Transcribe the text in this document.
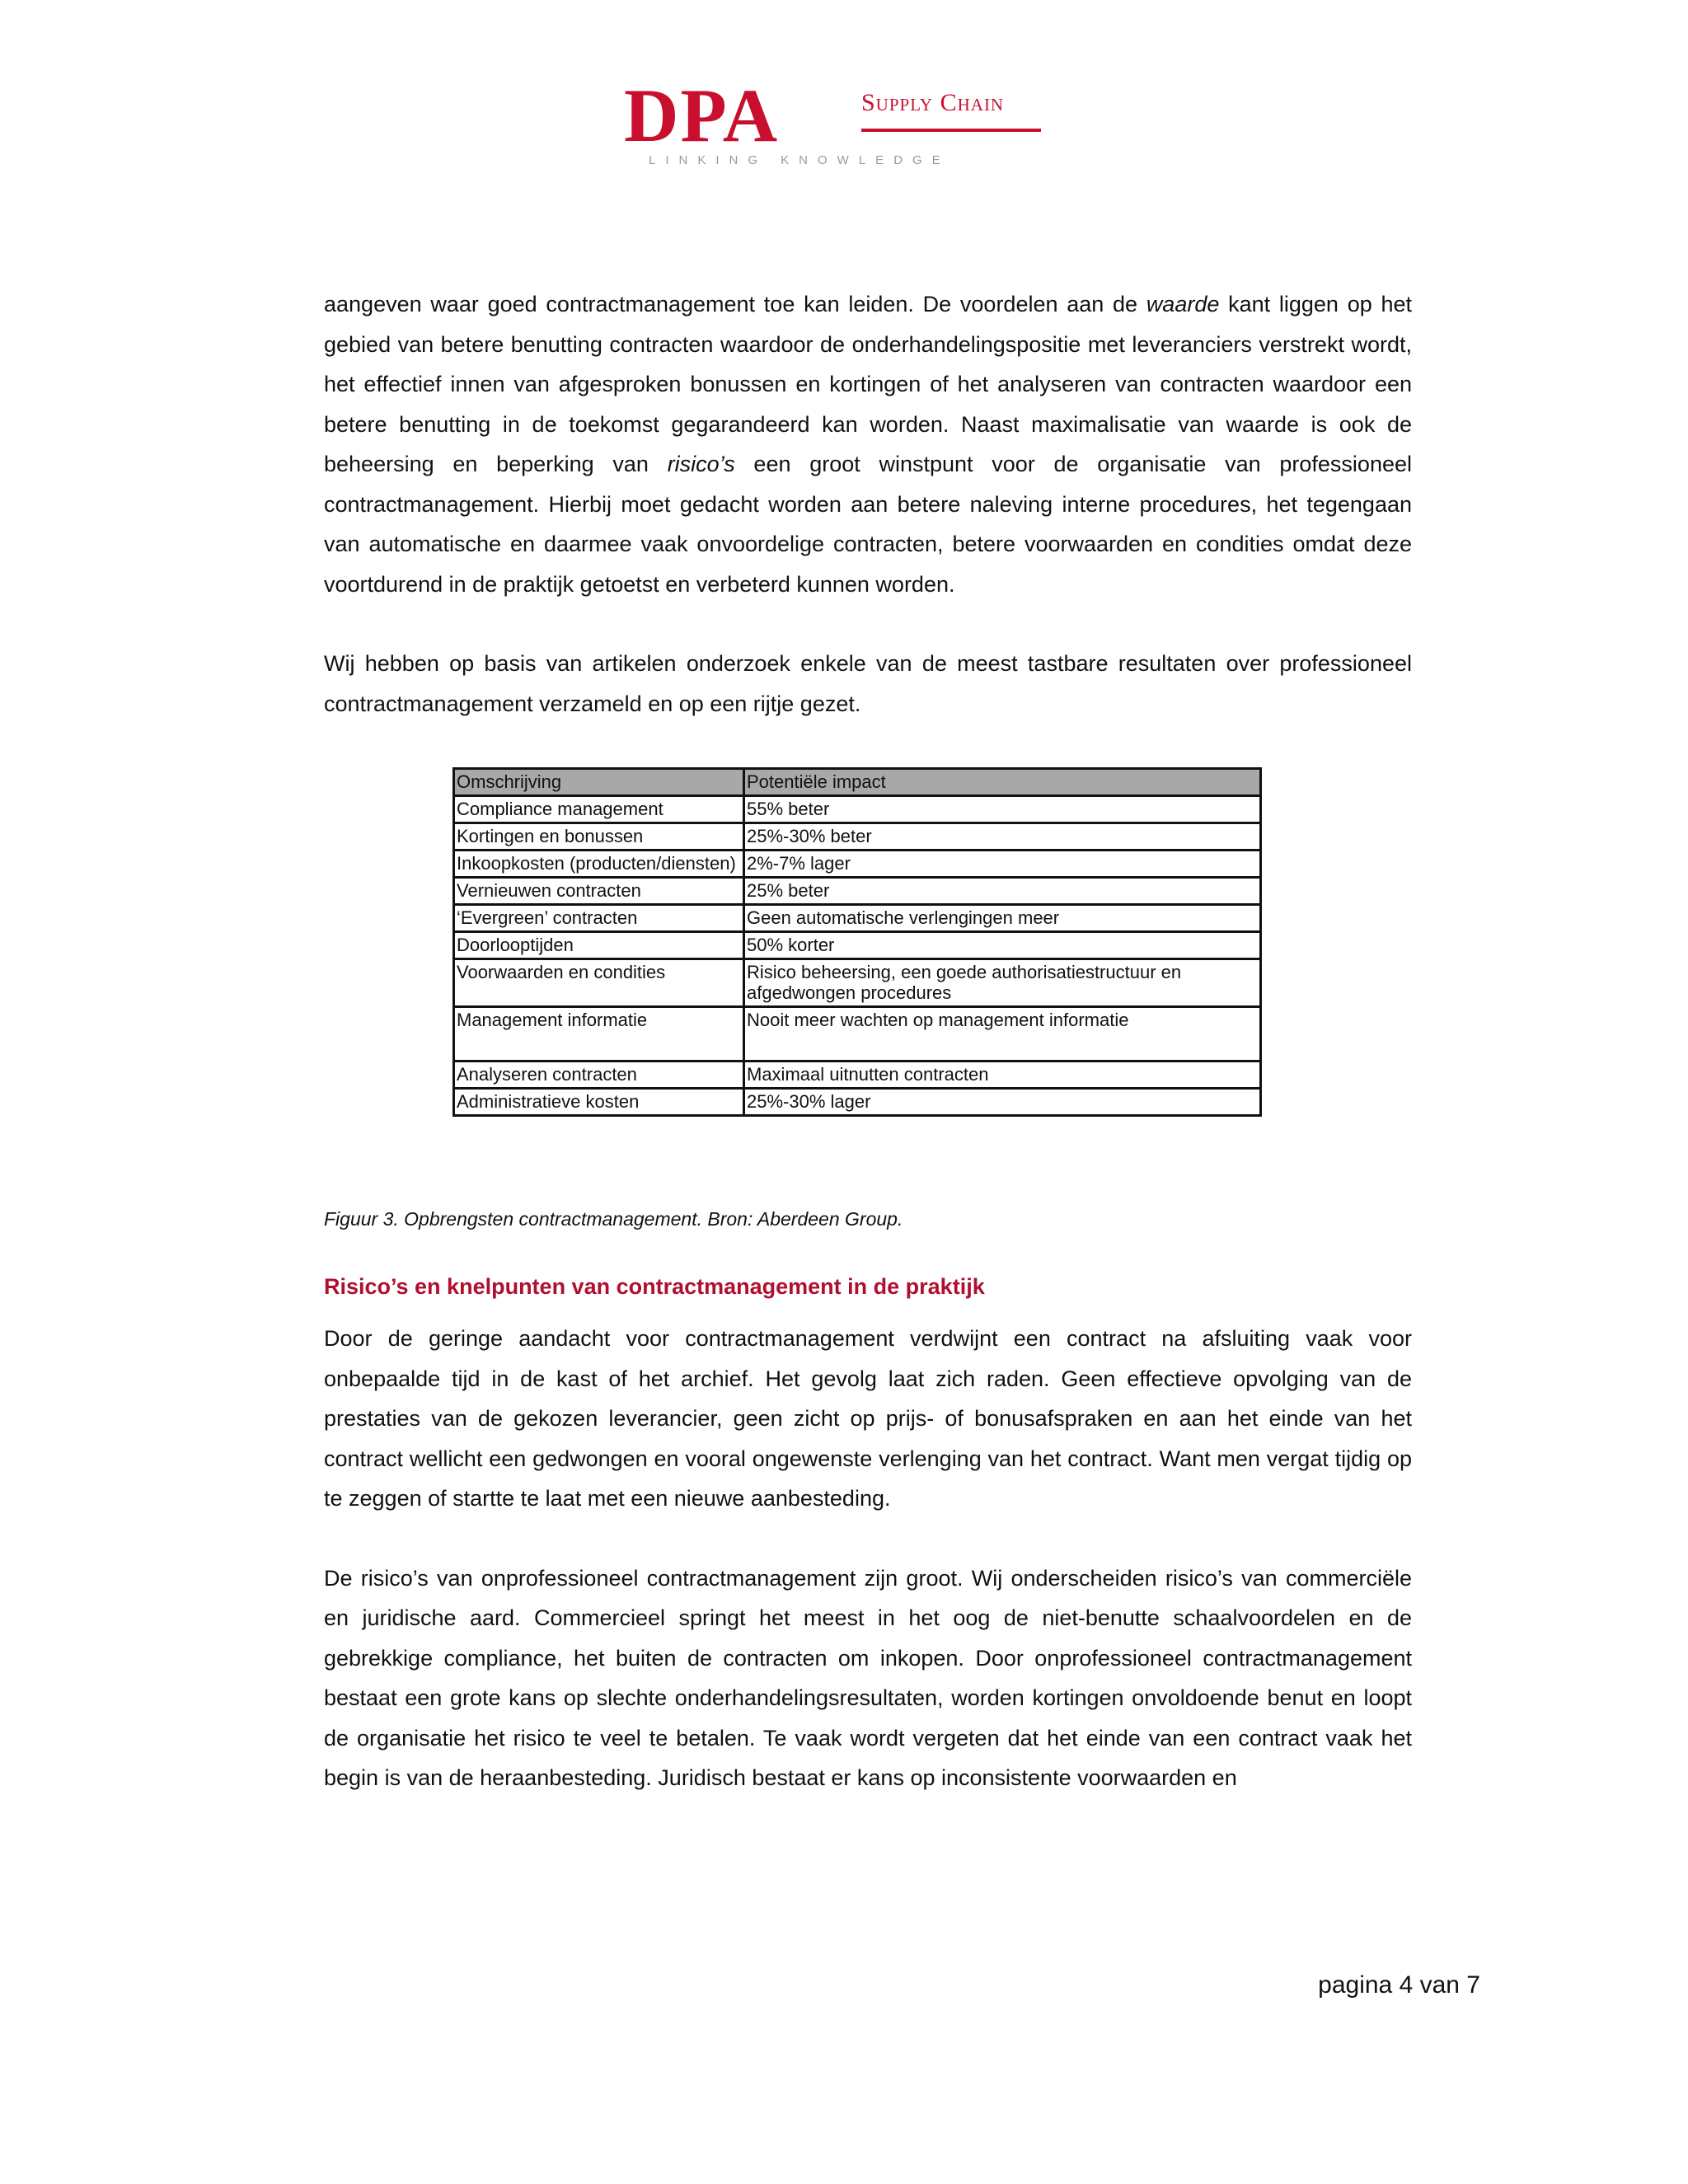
DPA	Supply Chain
LINKING KNOWLEDGE

aangeven waar goed contractmanagement toe kan leiden. De voordelen aan de waarde kant liggen op het gebied van betere benutting contracten waardoor de onderhandelingspositie met leveranciers verstrekt wordt, het effectief innen van afgesproken bonussen en kortingen of het analyseren van contracten waardoor een betere benutting in de toekomst gegarandeerd kan worden. Naast maximalisatie van waarde is ook de beheersing en beperking van risico’s een groot winstpunt voor de organisatie van professioneel contractmanagement. Hierbij moet gedacht worden aan betere naleving interne procedures, het tegengaan van automatische en daarmee vaak onvoordelige contracten, betere voorwaarden en condities omdat deze voortdurend in de praktijk getoetst en verbeterd kunnen worden.

Wij hebben op basis van artikelen onderzoek enkele van de meest tastbare resultaten over professioneel contractmanagement verzameld en op een rijtje gezet.

Omschrijving	Potentiële impact
Compliance management	55% beter
Kortingen en bonussen	25%-30% beter
Inkoopkosten (producten/diensten)	2%-7% lager
Vernieuwen contracten	25% beter
‘Evergreen’ contracten	Geen automatische verlengingen meer
Doorlooptijden	50% korter
Voorwaarden en condities	Risico beheersing, een goede authorisatiestructuur en afgedwongen procedures
Management informatie	Nooit meer wachten op management informatie
Analyseren contracten	Maximaal uitnutten contracten
Administratieve kosten	25%-30% lager
Figuur 3. Opbrengsten contractmanagement. Bron: Aberdeen Group.
Risico’s en knelpunten van contractmanagement in de praktijk

Door de geringe aandacht voor contractmanagement verdwijnt een contract na afsluiting vaak voor onbepaalde tijd in de kast of het archief. Het gevolg laat zich raden. Geen effectieve opvolging van de prestaties van de gekozen leverancier, geen zicht op prijs- of bonusafspraken en aan het einde van het contract wellicht een gedwongen en vooral ongewenste verlenging van het contract. Want men vergat tijdig op te zeggen of startte te laat met een nieuwe aanbesteding.

De risico’s van onprofessioneel contractmanagement zijn groot. Wij onderscheiden risico’s van commerciële en juridische aard. Commercieel springt het meest in het oog de niet-benutte schaalvoordelen en de gebrekkige compliance, het buiten de contracten om inkopen. Door onprofessioneel contractmanagement bestaat een grote kans op slechte onderhandelingsresultaten, worden kortingen onvoldoende benut en loopt de organisatie het risico te veel te betalen. Te vaak wordt vergeten dat het einde van een contract vaak het begin is van de heraanbesteding. Juridisch bestaat er kans op inconsistente voorwaarden en

pagina 4 van 7
